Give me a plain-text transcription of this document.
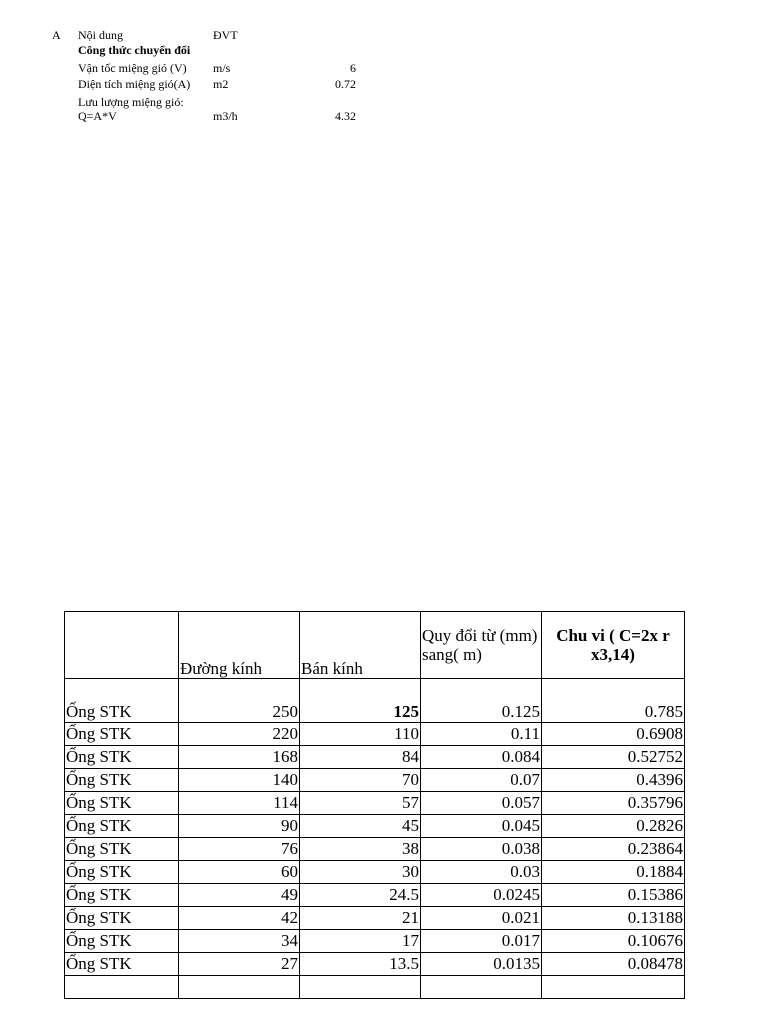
A Nội dung	ĐVT
Công thức chuyển đổi
Vận tốc miệng gió (V) m/s	6
Diện tích miệng gió(A) m2	0.72
Lưu lượng miệng gió:
Q=A*V	m3/h	4.32
	Đường kính	Bán kính	Quy đổi từ (mm) sang( m)	Chu vi ( C=2x r x3,14)
Ống STK	250	125	0.125	0.785
Ống STK	220	110	0.11	0.6908
Ống STK	168	84	0.084	0.52752
Ống STK	140	70	0.07	0.4396
Ống STK	114	57	0.057	0.35796
Ống STK	90	45	0.045	0.2826
Ống STK	76	38	0.038	0.23864
Ống STK	60	30	0.03	0.1884
Ống STK	49	24.5	0.0245	0.15386
Ống STK	42	21	0.021	0.13188
Ống STK	34	17	0.017	0.10676
Ống STK	27	13.5	0.0135	0.08478
